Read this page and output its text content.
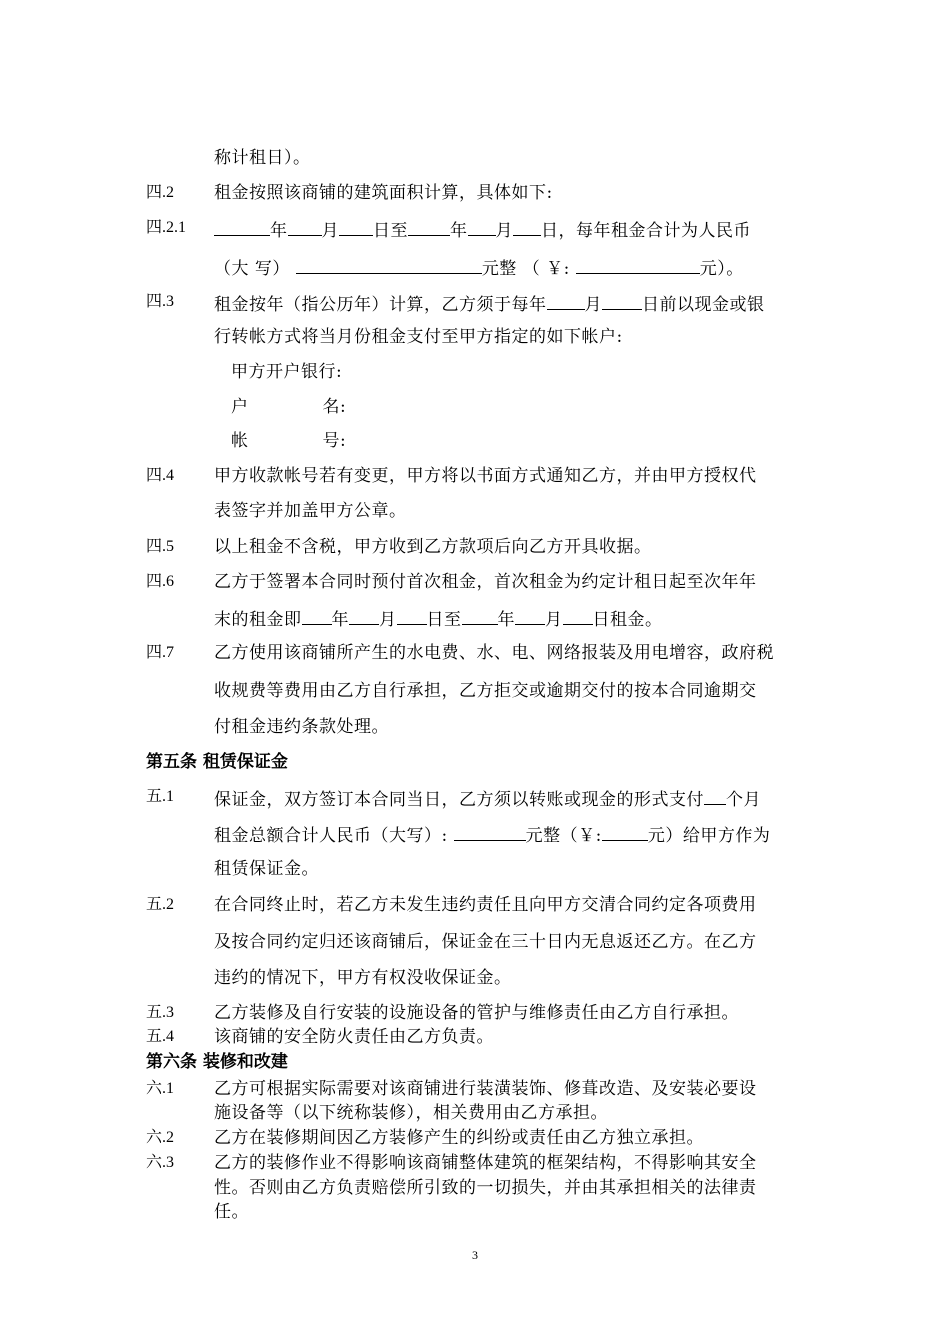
称计租日）。
四.2 租金按照该商铺的建筑面积计算，具体如下:
四.2.1	年 月 日至 年 月 日，每年租金合计为人民币
（大 写）	元整 （ ￥:	元）。
四.3 租金按年（指公历年）计算，乙方须于每年 月 日前以现金或银
行转帐方式将当月份租金支付至甲方指定的如下帐户:
甲方开户银行:
户	名:
帐	号:
四.4 甲方收款帐号若有变更，甲方将以书面方式通知乙方，并由甲方授权代
表签字并加盖甲方公章。
四.5 以上租金不含税，甲方收到乙方款项后向乙方开具收据。
四.6 乙方于签署本合同时预付首次租金，首次租金为约定计租日起至次年年
末的租金即 年 月 日至 年 月 日租金。
四.7 乙方使用该商铺所产生的水电费、水、电、网络报装及用电增容，政府税
收规费等费用由乙方自行承担，乙方拒交或逾期交付的按本合同逾期交
付租金违约条款处理。
第五条 租赁保证金
五.1 保证金，双方签订本合同当日，乙方须以转账或现金的形式支付 个月
租金总额合计人民币（大写）:	元整（￥:	元）给甲方作为
租赁保证金。
五.2 在合同终止时，若乙方未发生违约责任且向甲方交清合同约定各项费用
及按合同约定归还该商铺后，保证金在三十日内无息返还乙方。在乙方
违约的情况下，甲方有权没收保证金。
五.3 乙方装修及自行安装的设施设备的管护与维修责任由乙方自行承担。
五.4 该商铺的安全防火责任由乙方负责。
第六条 装修和改建
六.1 乙方可根据实际需要对该商铺进行装潢装饰、修葺改造、及安装必要设
施设备等（以下统称装修），相关费用由乙方承担。
六.2 乙方在装修期间因乙方装修产生的纠纷或责任由乙方独立承担。
六.3 乙方的装修作业不得影响该商铺整体建筑的框架结构，不得影响其安全
性。否则由乙方负责赔偿所引致的一切损失，并由其承担相关的法律责
任。
3
